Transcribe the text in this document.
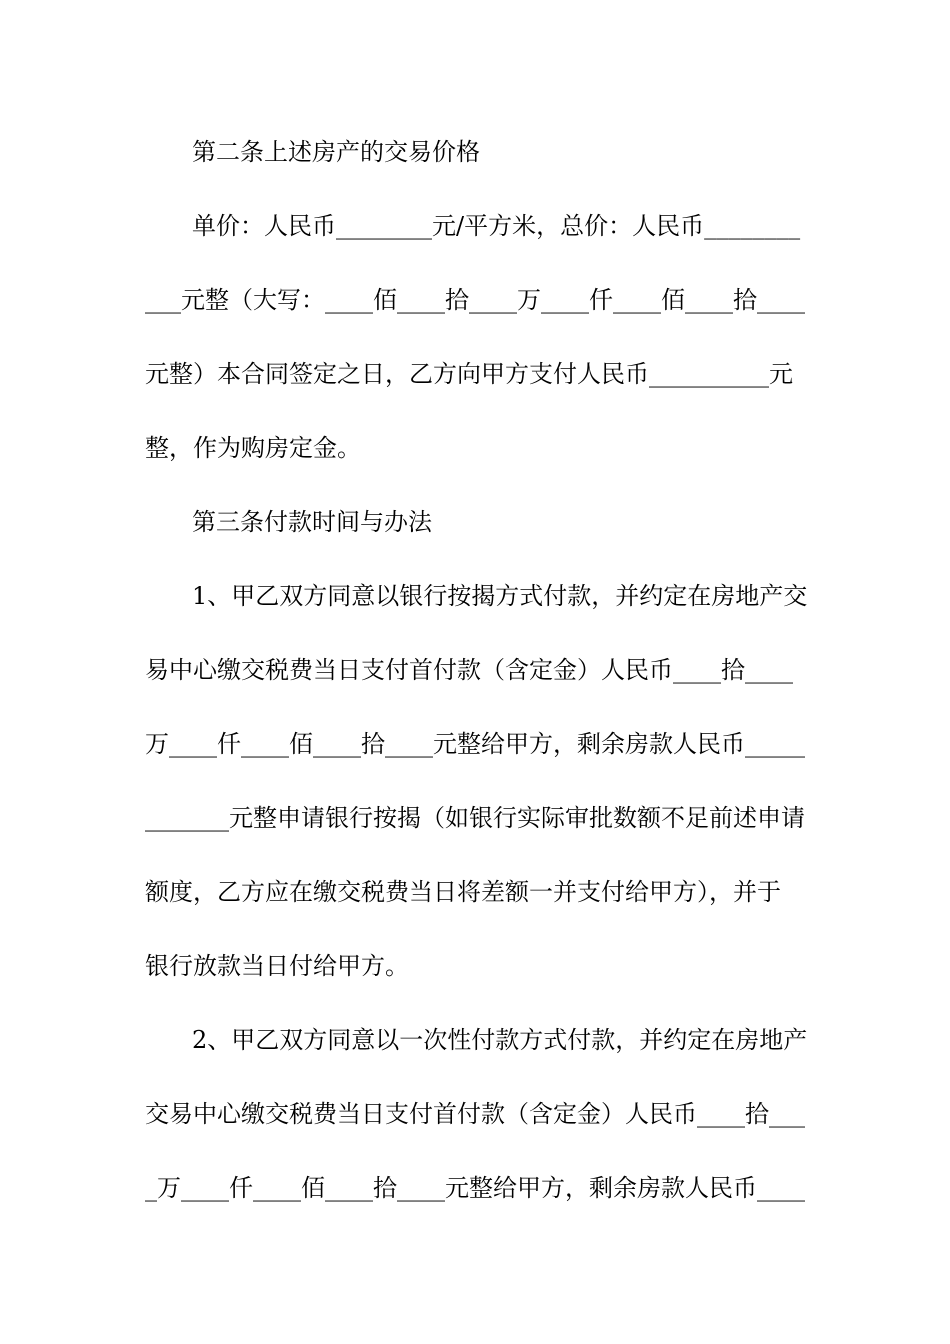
第二条上述房产的交易价格
单价：人民币________元/平方米，总价：人民币________
___元整（大写：____佰____拾____万____仟____佰____拾____
元整）本合同签定之日，乙方向甲方支付人民币__________元
整，作为购房定金。
第三条付款时间与办法
1、甲乙双方同意以银行按揭方式付款，并约定在房地产交
易中心缴交税费当日支付首付款（含定金）人民币____拾____
万____仟____佰____拾____元整给甲方，剩余房款人民币_____
_______元整申请银行按揭（如银行实际审批数额不足前述申请
额度，乙方应在缴交税费当日将差额一并支付给甲方），并于
银行放款当日付给甲方。
2、甲乙双方同意以一次性付款方式付款，并约定在房地产
交易中心缴交税费当日支付首付款（含定金）人民币____拾___
_万____仟____佰____拾____元整给甲方，剩余房款人民币____
